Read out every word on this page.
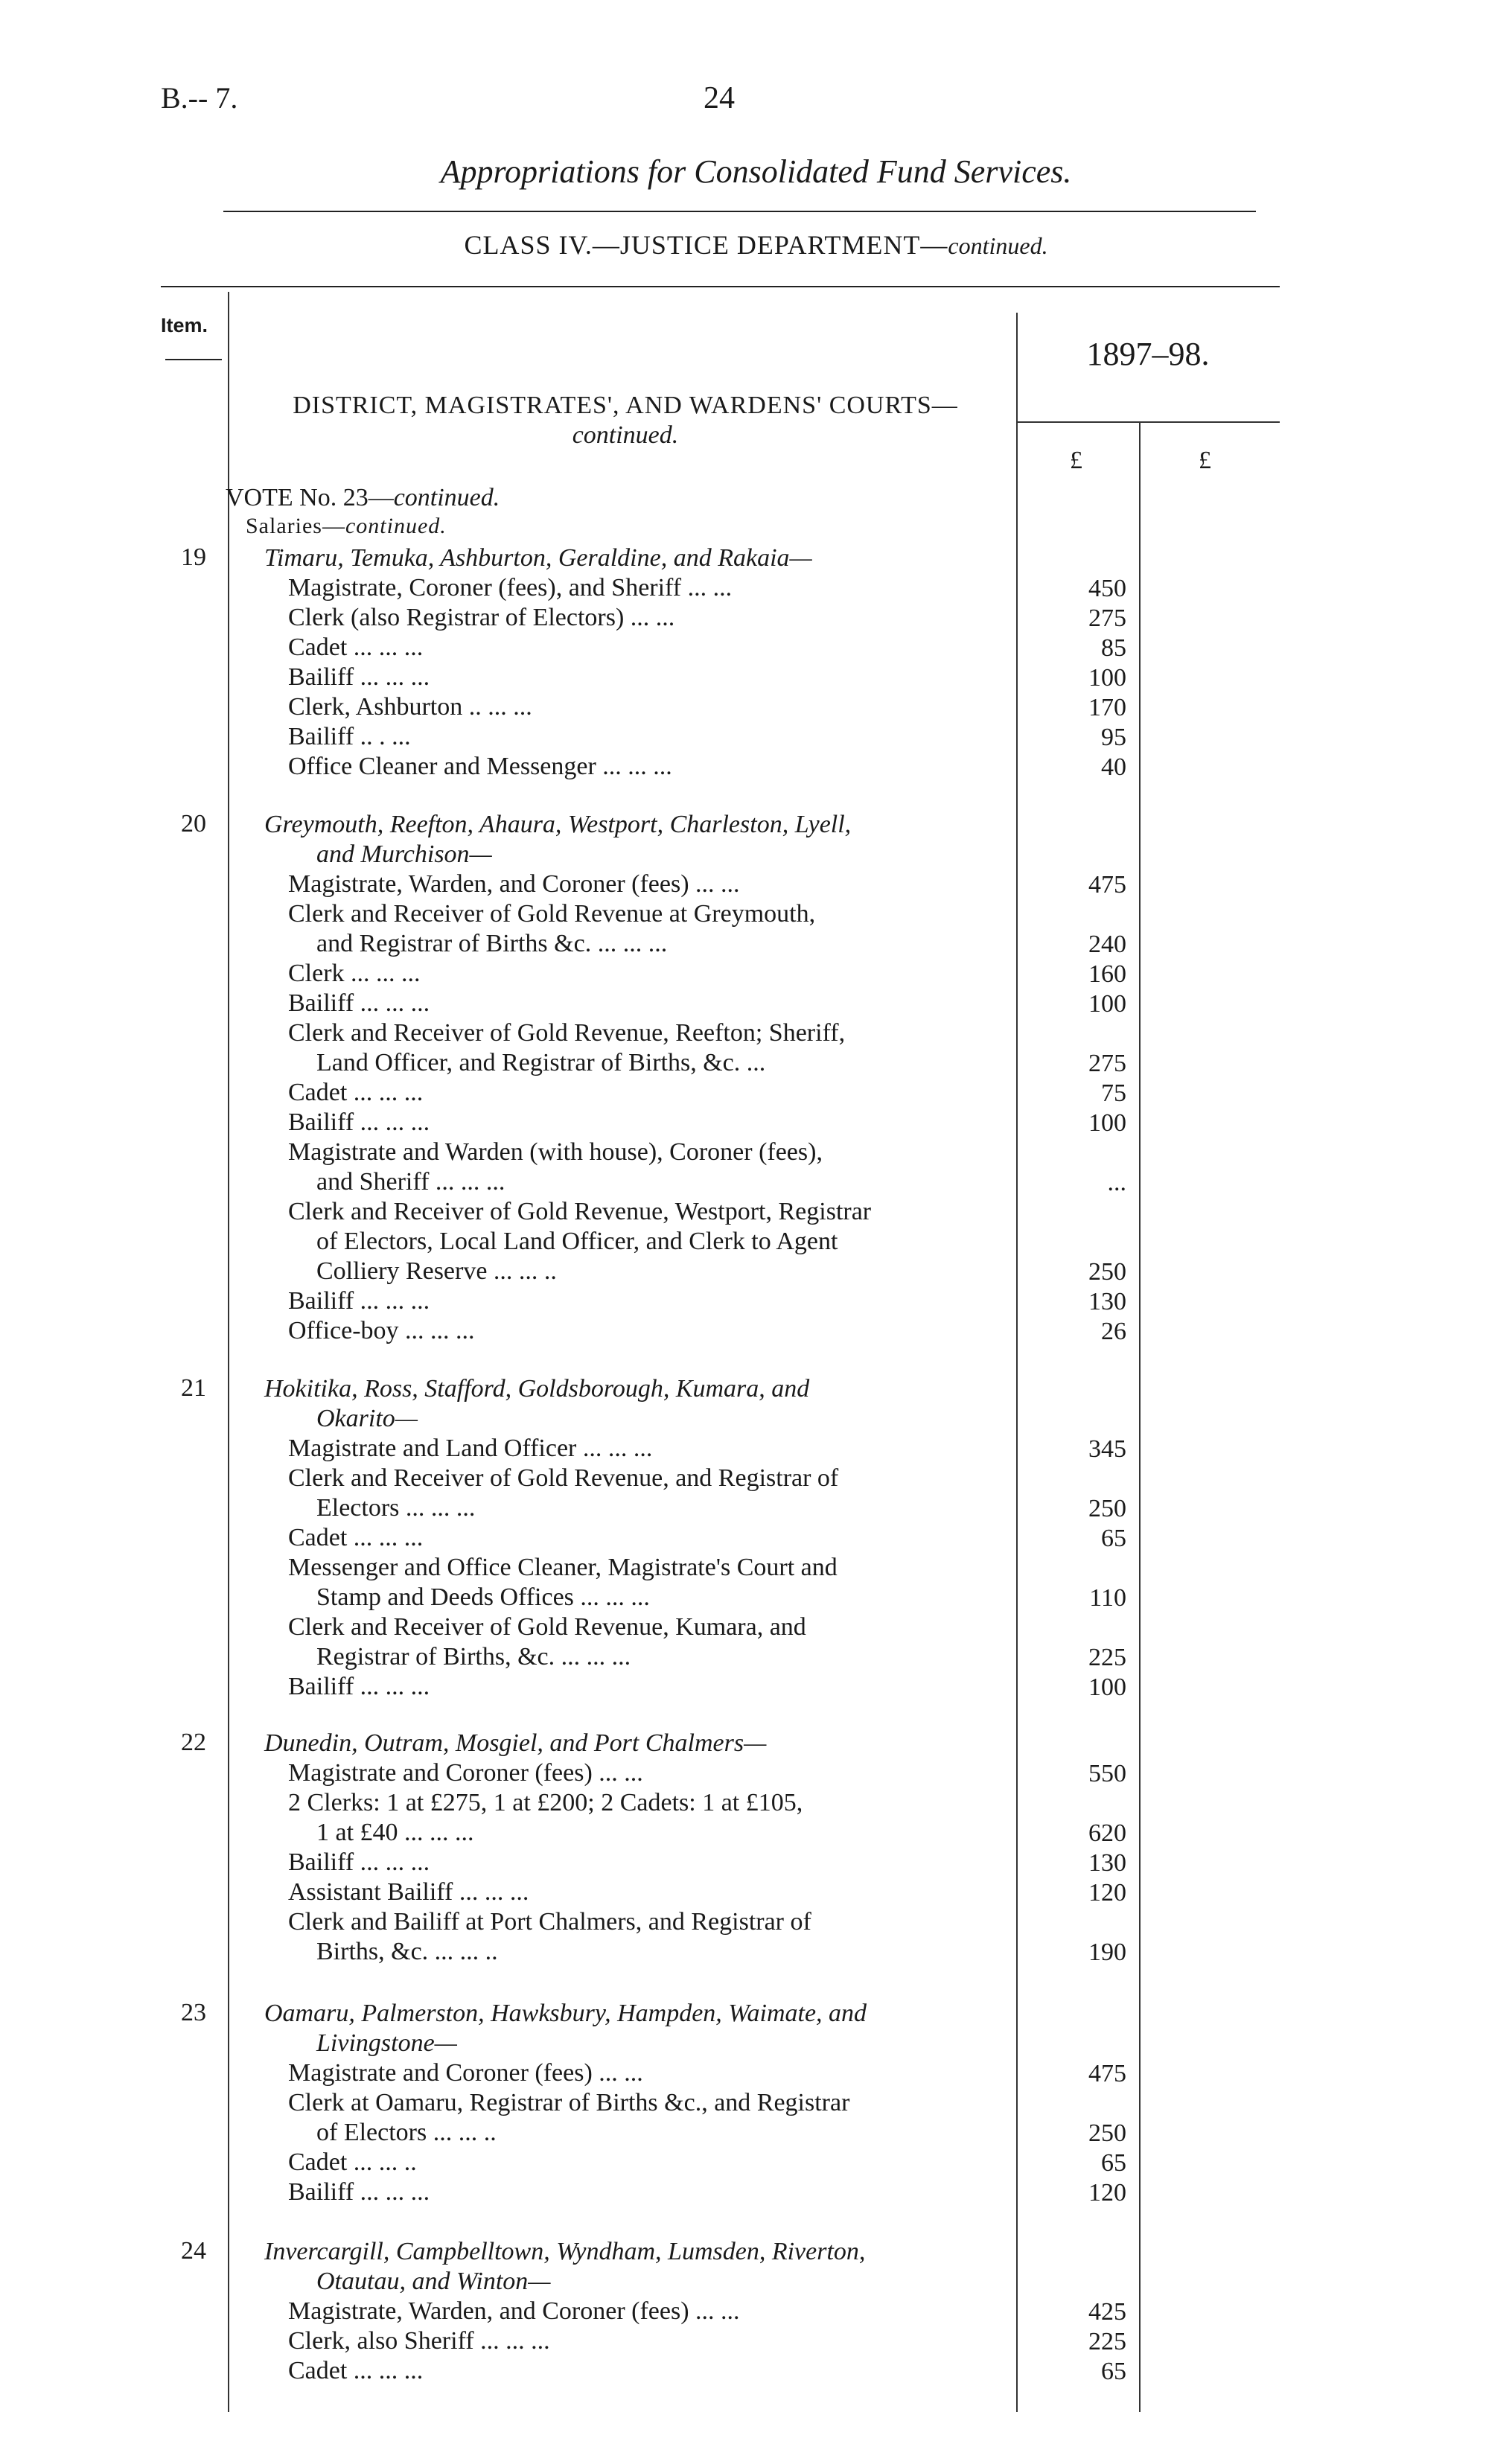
B.-- 7.	24
Appropriations for Consolidated Fund Services.
CLASS IV.—JUSTICE DEPARTMENT—continued.
Item.
1897–98.
£	£
DISTRICT, MAGISTRATES', AND WARDENS' COURTS—continued.
VOTE No. 23—continued.
Salaries—continued.
19	Timaru, Temuka, Ashburton, Geraldine, and Rakaia—
Magistrate, Coroner (fees), and Sheriff ... ...	450
Clerk (also Registrar of Electors) ... ...	275
Cadet ... ... ...	85
Bailiff ... ... ...	100
Clerk, Ashburton .. ... ...	170
Bailiff .. . ...	95
Office Cleaner and Messenger ... ... ...	40
20	Greymouth, Reefton, Ahaura, Westport, Charleston, Lyell,
and Murchison—
Magistrate, Warden, and Coroner (fees) ... ...	475
Clerk and Receiver of Gold Revenue at Greymouth,
and Registrar of Births &c. ... ... ...	240
Clerk ... ... ...	160
Bailiff ... ... ...	100
Clerk and Receiver of Gold Revenue, Reefton; Sheriff,
Land Officer, and Registrar of Births, &c. ...	275
Cadet ... ... ...	75
Bailiff ... ... ...	100
Magistrate and Warden (with house), Coroner (fees),
and Sheriff ... ... ...	...
Clerk and Receiver of Gold Revenue, Westport, Registrar
of Electors, Local Land Officer, and Clerk to Agent
Colliery Reserve ... ... ..	250
Bailiff ... ... ...	130
Office-boy ... ... ...	26
21	Hokitika, Ross, Stafford, Goldsborough, Kumara, and
Okarito—
Magistrate and Land Officer ... ... ...	345
Clerk and Receiver of Gold Revenue, and Registrar of
Electors ... ... ...	250
Cadet ... ... ...	65
Messenger and Office Cleaner, Magistrate's Court and
Stamp and Deeds Offices ... ... ...	110
Clerk and Receiver of Gold Revenue, Kumara, and
Registrar of Births, &c. ... ... ...	225
Bailiff ... ... ...	100
22	Dunedin, Outram, Mosgiel, and Port Chalmers—
Magistrate and Coroner (fees) ... ...	550
2 Clerks: 1 at £275, 1 at £200; 2 Cadets: 1 at £105,
1 at £40 ... ... ...	620
Bailiff ... ... ...	130
Assistant Bailiff ... ... ...	120
Clerk and Bailiff at Port Chalmers, and Registrar of
Births, &c. ... ... ..	190
23	Oamaru, Palmerston, Hawksbury, Hampden, Waimate, and
Livingstone—
Magistrate and Coroner (fees) ... ...	475
Clerk at Oamaru, Registrar of Births &c., and Registrar
of Electors ... ... ..	250
Cadet ... ... ..	65
Bailiff ... ... ...	120
24	Invercargill, Campbelltown, Wyndham, Lumsden, Riverton,
Otautau, and Winton—
Magistrate, Warden, and Coroner (fees) ... ...	425
Clerk, also Sheriff ... ... ...	225
Cadet ... ... ...	65
